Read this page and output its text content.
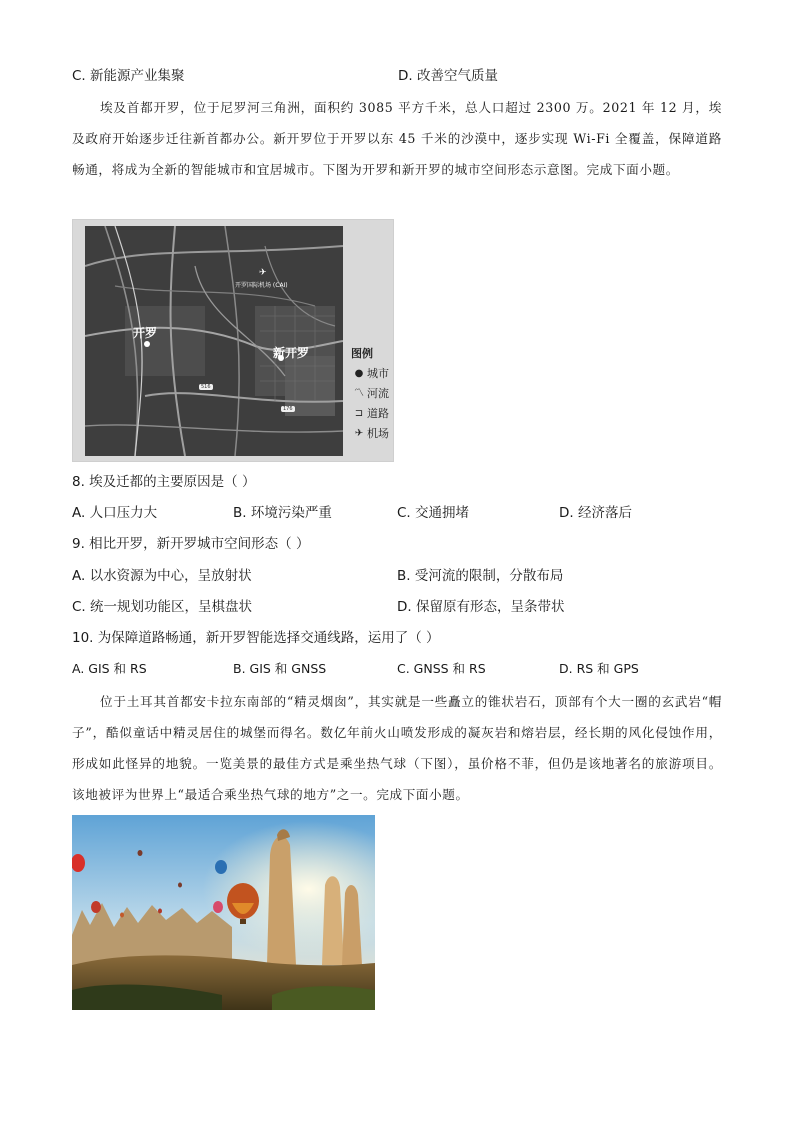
C. 新能源产业集聚	D. 改善空气质量
埃及首都开罗，位于尼罗河三角洲，面积约 3085 平方千米，总人口超过 2300 万。2021 年 12 月，埃及政府开始逐步迁往新首都办公。新开罗位于开罗以东 45 千米的沙漠中，逐步实现 Wi-Fi 全覆盖，保障道路畅通，将成为全新的智能城市和宜居城市。下图为开罗和新开罗的城市空间形态示意图。完成下面小题。
开罗
新开罗
开罗国际机场 (CAI)
✈
516
176
图例
● 城市
〽 河流
⊐ 道路
✈ 机场
8. 埃及迁都的主要原因是（ ）
A. 人口压力大	B. 环境污染严重	C. 交通拥堵	D. 经济落后
9. 相比开罗，新开罗城市空间形态（ ）
A. 以水资源为中心，呈放射状	B. 受河流的限制，分散布局
C. 统一规划功能区，呈棋盘状	D. 保留原有形态，呈条带状
10. 为保障道路畅通，新开罗智能选择交通线路，运用了（ ）
A. GIS 和 RS	B. GIS 和 GNSS	C. GNSS 和 RS	D. RS 和 GPS
位于土耳其首都安卡拉东南部的“精灵烟囱”，其实就是一些矗立的锥状岩石，顶部有个大一圈的玄武岩“帽子”，酷似童话中精灵居住的城堡而得名。数亿年前火山喷发形成的凝灰岩和熔岩层，经长期的风化侵蚀作用，形成如此怪异的地貌。一览美景的最佳方式是乘坐热气球（下图），虽价格不菲，但仍是该地著名的旅游项目。该地被评为世界上“最适合乘坐热气球的地方”之一。完成下面小题。
